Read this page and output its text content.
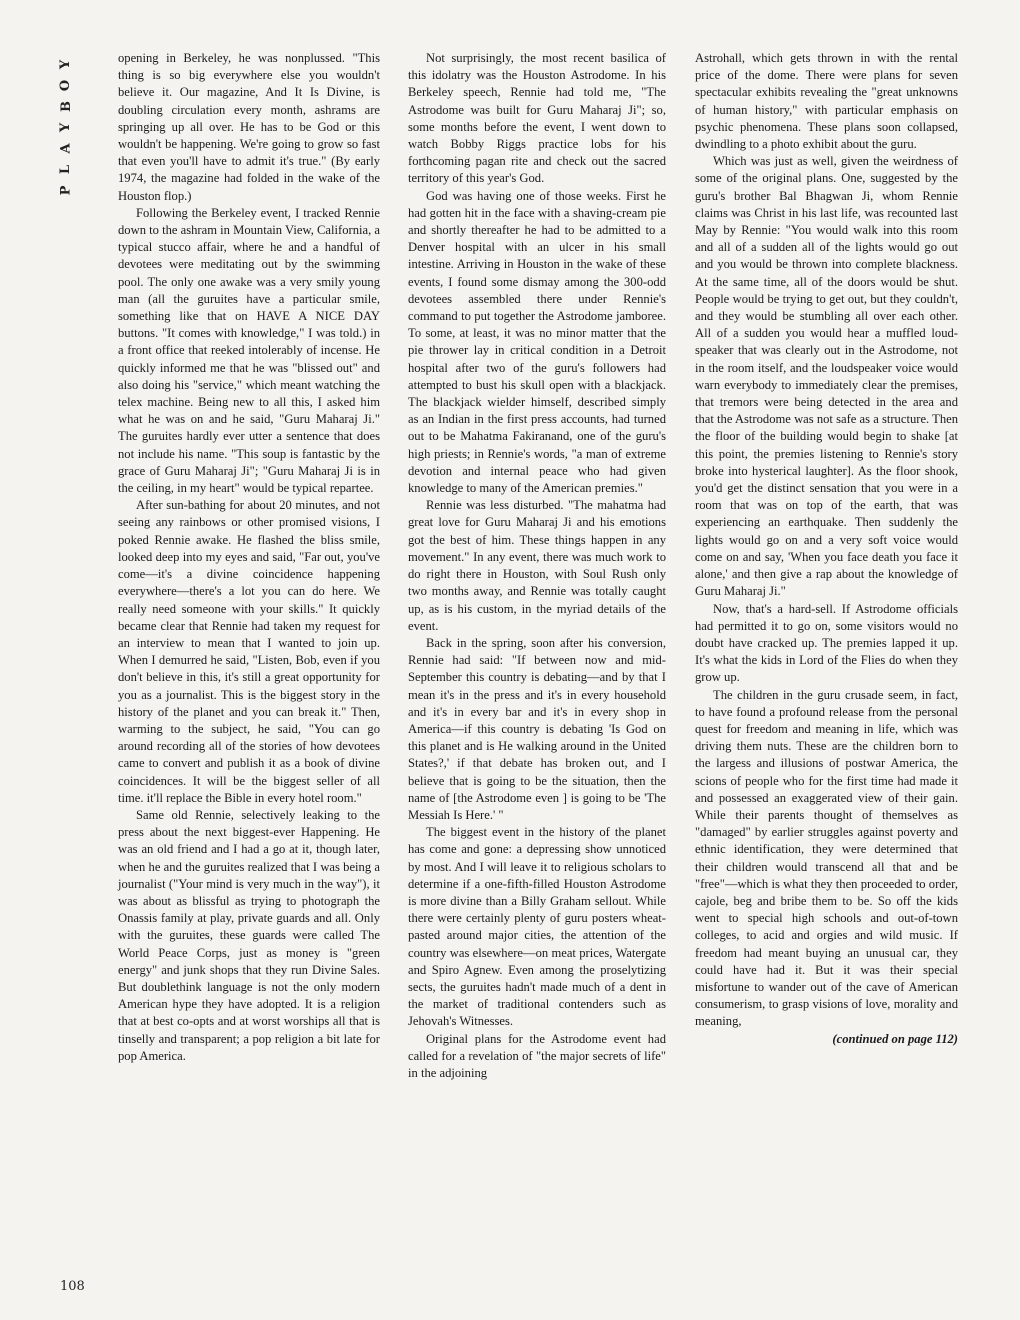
Y
O
B
Y
A
L
P
108

opening in Berkeley, he was nonplussed. "This thing is so big everywhere else you wouldn't believe it. Our magazine, And It Is Divine, is doubling circulation every month, ashrams are springing up all over. He has to be God or this wouldn't be happening. We're going to grow so fast that even you'll have to admit it's true." (By early 1974, the magazine had folded in the wake of the Houston flop.)

Following the Berkeley event, I tracked Rennie down to the ashram in Mountain View, California, a typical stucco affair, where he and a handful of devotees were meditating out by the swimming pool. The only one awake was a very smily young man (all the guruites have a particular smile, something like that on HAVE A NICE DAY buttons. "It comes with knowledge," I was told.) in a front office that reeked intolerably of incense. He quickly informed me that he was "blissed out" and also doing his "service," which meant watching the telex machine. Being new to all this, I asked him what he was on and he said, "Guru Maharaj Ji." The guruites hardly ever utter a sentence that does not include his name. "This soup is fantastic by the grace of Guru Maharaj Ji"; "Guru Maharaj Ji is in the ceiling, in my heart" would be typical repartee.

After sun-bathing for about 20 minutes, and not seeing any rainbows or other promised visions, I poked Rennie awake. He flashed the bliss smile, looked deep into my eyes and said, "Far out, you've come—it's a divine coincidence happening everywhere—there's a lot you can do here. We really need someone with your skills." It quickly became clear that Rennie had taken my request for an interview to mean that I wanted to join up. When I demurred he said, "Listen, Bob, even if you don't believe in this, it's still a great opportunity for you as a journalist. This is the biggest story in the history of the planet and you can break it." Then, warming to the subject, he said, "You can go around recording all of the stories of how devotees came to convert and publish it as a book of divine coincidences. It will be the biggest seller of all time. it'll replace the Bible in every hotel room."

Same old Rennie, selectively leaking to the press about the next biggest-ever Happening. He was an old friend and I had a go at it, though later, when he and the guruites realized that I was being a journalist ("Your mind is very much in the way"), it was about as blissful as trying to photograph the Onassis family at play, private guards and all. Only with the guruites, these guards were called The World Peace Corps, just as money is "green energy" and junk shops that they run Divine Sales. But doublethink language is not the only modern American hype they have adopted. It is a religion that at best co-opts and at worst worships all that is tinselly and transparent; a pop religion a bit late for pop America.

Not surprisingly, the most recent basilica of this idolatry was the Houston Astrodome. In his Berkeley speech, Rennie had told me, "The Astrodome was built for Guru Maharaj Ji"; so, some months before the event, I went down to watch Bobby Riggs practice lobs for his forthcoming pagan rite and check out the sacred territory of this year's God.

God was having one of those weeks. First he had gotten hit in the face with a shaving-cream pie and shortly thereafter he had to be admitted to a Denver hospital with an ulcer in his small intestine. Arriving in Houston in the wake of these events, I found some dismay among the 300-odd devotees assembled there under Rennie's command to put together the Astrodome jamboree. To some, at least, it was no minor matter that the pie thrower lay in critical condition in a Detroit hospital after two of the guru's followers had attempted to bust his skull open with a blackjack. The blackjack wielder himself, described simply as an Indian in the first press accounts, had turned out to be Mahatma Fakiranand, one of the guru's high priests; in Rennie's words, "a man of extreme devotion and internal peace who had given knowledge to many of the American premies."

Rennie was less disturbed. "The mahatma had great love for Guru Maharaj Ji and his emotions got the best of him. These things happen in any movement." In any event, there was much work to do right there in Houston, with Soul Rush only two months away, and Rennie was totally caught up, as is his custom, in the myriad details of the event.

Back in the spring, soon after his conversion, Rennie had said: "If between now and mid-September this country is debating—and by that I mean it's in the press and it's in every household and it's in every bar and it's in every shop in America—if this country is debating 'Is God on this planet and is He walking around in the United States?,' if that debate has broken out, and I believe that is going to be the situation, then the name of [the Astrodome even ] is going to be 'The Messiah Is Here.' "

The biggest event in the history of the planet has come and gone: a depressing show unnoticed by most. And I will leave it to religious scholars to determine if a one-fifth-filled Houston Astrodome is more divine than a Billy Graham sellout. While there were certainly plenty of guru posters wheat-pasted around major cities, the attention of the country was elsewhere—on meat prices, Watergate and Spiro Agnew. Even among the proselytizing sects, the guruites hadn't made much of a dent in the market of traditional contenders such as Jehovah's Witnesses.

Original plans for the Astrodome event had called for a revelation of "the major secrets of life" in the adjoining

Astrohall, which gets thrown in with the rental price of the dome. There were plans for seven spectacular exhibits revealing the "great unknowns of human history," with particular emphasis on psychic phenomena. These plans soon collapsed, dwindling to a photo exhibit about the guru.

Which was just as well, given the weirdness of some of the original plans. One, suggested by the guru's brother Bal Bhagwan Ji, whom Rennie claims was Christ in his last life, was recounted last May by Rennie: "You would walk into this room and all of a sudden all of the lights would go out and you would be thrown into complete blackness. At the same time, all of the doors would be shut. People would be trying to get out, but they couldn't, and they would be stumbling all over each other. All of a sudden you would hear a muffled loud-speaker that was clearly out in the Astrodome, not in the room itself, and the loudspeaker voice would warn everybody to immediately clear the premises, that tremors were being detected in the area and that the Astrodome was not safe as a structure. Then the floor of the building would begin to shake [at this point, the premies listening to Rennie's story broke into hysterical laughter]. As the floor shook, you'd get the distinct sensation that you were in a room that was on top of the earth, that was experiencing an earthquake. Then suddenly the lights would go on and a very soft voice would come on and say, 'When you face death you face it alone,' and then give a rap about the knowledge of Guru Maharaj Ji."

Now, that's a hard-sell. If Astrodome officials had permitted it to go on, some visitors would no doubt have cracked up. The premies lapped it up. It's what the kids in Lord of the Flies do when they grow up.

The children in the guru crusade seem, in fact, to have found a profound release from the personal quest for freedom and meaning in life, which was driving them nuts. These are the children born to the largess and illusions of postwar America, the scions of people who for the first time had made it and possessed an exaggerated view of their gain. While their parents thought of themselves as "damaged" by earlier struggles against poverty and ethnic identification, they were determined that their children would transcend all that and be "free"—which is what they then proceeded to order, cajole, beg and bribe them to be. So off the kids went to special high schools and out-of-town colleges, to acid and orgies and wild music. If freedom had meant buying an unusual car, they could have had it. But it was their special misfortune to wander out of the cave of American consumerism, to grasp visions of love, morality and meaning,

(continued on page 112)
